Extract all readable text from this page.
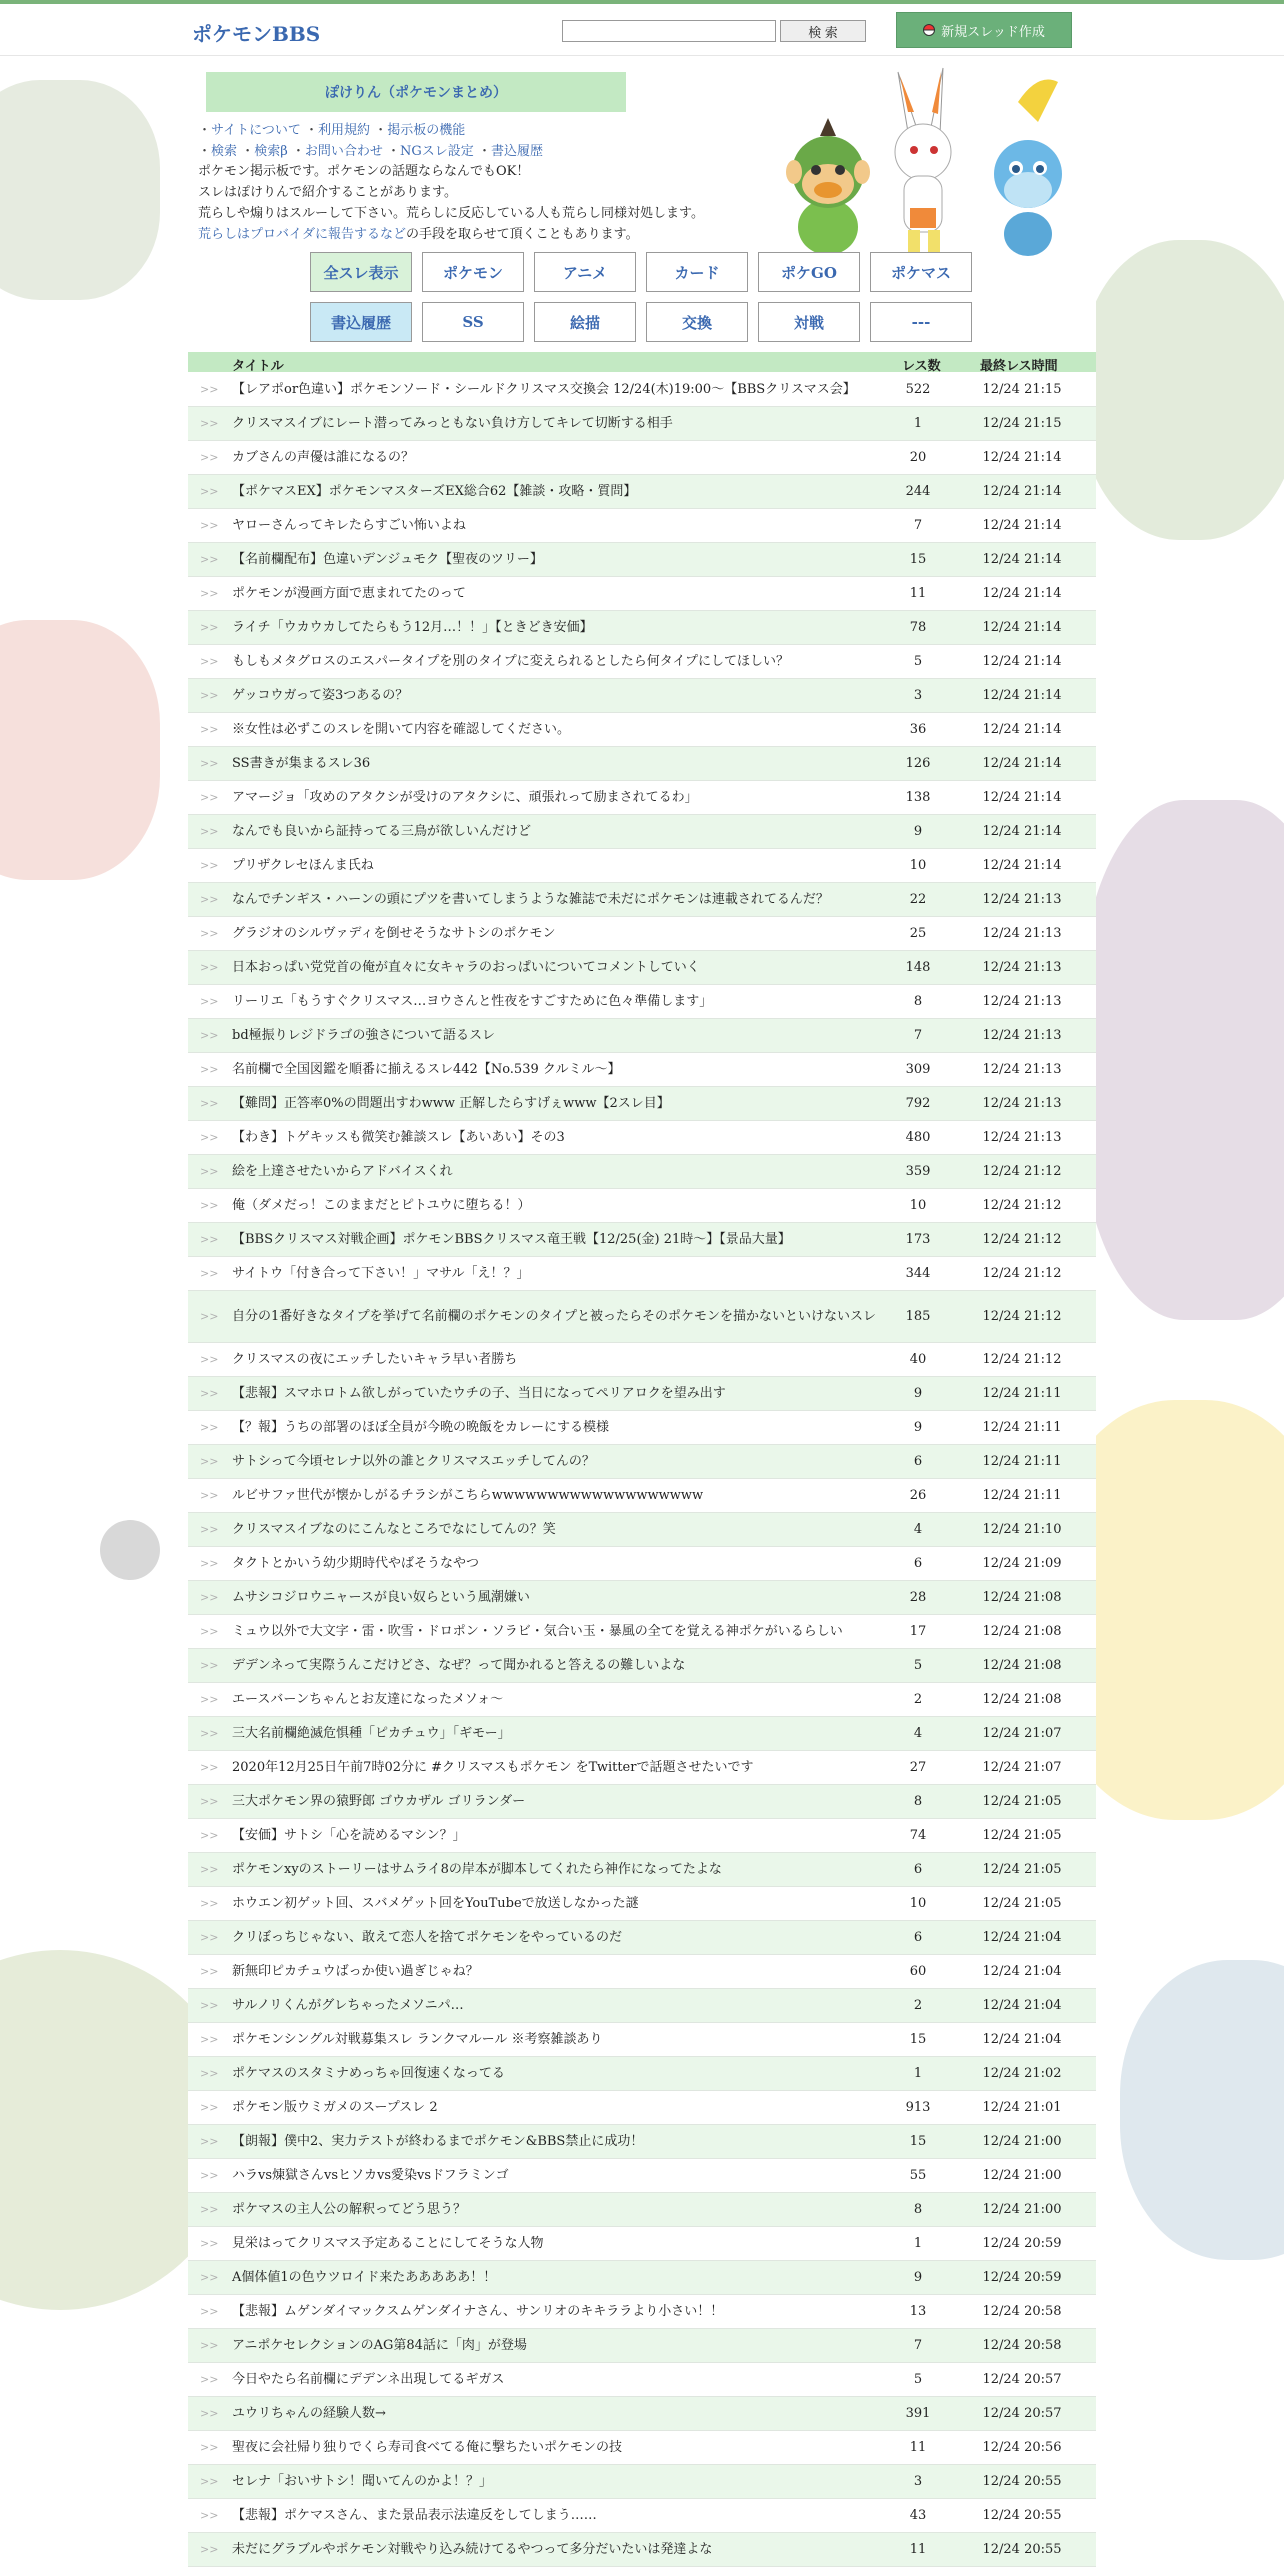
ポケモンBBS	検 索	新規スレッド作成
ぽけりん（ポケモンまとめ）
・サイトについて ・利用規約 ・掲示板の機能
・検索 ・検索β ・お問い合わせ ・NGスレ設定 ・書込履歴
ポケモン掲示板です。ポケモンの話題ならなんでもOK！
スレはぽけりんで紹介することがあります。
荒らしや煽りはスルーして下さい。荒らしに反応している人も荒らし同様対処します。
荒らしはプロバイダに報告するなどの手段を取らせて頂くこともあります。
全スレ表示	ポケモン	アニメ	カード	ポケGO	ポケマス
書込履歴	SS	絵描	交換	対戦	---
タイトル	レス数	最終レス時間
>> 【レアポor色違い】ポケモンソード・シールドクリスマス交換会 12/24(木)19:00～【BBSクリスマス会】	522	12/24 21:15
>> クリスマスイブにレート潜ってみっともない負け方してキレて切断する相手	1	12/24 21:15
>> カブさんの声優は誰になるの？	20	12/24 21:14
>> 【ポケマスEX】ポケモンマスターズEX総合62【雑談・攻略・質問】	244	12/24 21:14
>> ヤローさんってキレたらすごい怖いよね	7	12/24 21:14
>> 【名前欄配布】色違いデンジュモク【聖夜のツリー】	15	12/24 21:14
>> ポケモンが漫画方面で恵まれてたのって	11	12/24 21:14
>> ライチ「ウカウカしてたらもう12月…！！」【ときどき安価】	78	12/24 21:14
>> もしもメタグロスのエスパータイプを別のタイプに変えられるとしたら何タイプにしてほしい？	5	12/24 21:14
>> ゲッコウガって姿3つあるの？	3	12/24 21:14
>> ※女性は必ずこのスレを開いて内容を確認してください。	36	12/24 21:14
>> SS書きが集まるスレ36	126	12/24 21:14
>> アマージョ「攻めのアタクシが受けのアタクシに、頑張れって励まされてるわ」	138	12/24 21:14
>> なんでも良いから証持ってる三鳥が欲しいんだけど	9	12/24 21:14
>> プリザクレセほんま氏ね	10	12/24 21:14
>> なんでチンギス・ハーンの頭にプツを書いてしまうような雑誌で未だにポケモンは連載されてるんだ？	22	12/24 21:13
>> グラジオのシルヴァディを倒せそうなサトシのポケモン	25	12/24 21:13
>> 日本おっぱい党党首の俺が直々に女キャラのおっぱいについてコメントしていく	148	12/24 21:13
>> リーリエ「もうすぐクリスマス…ヨウさんと性夜をすごすために色々準備します」	8	12/24 21:13
>> bd極振りレジドラゴの強さについて語るスレ	7	12/24 21:13
>> 名前欄で全国図鑑を順番に揃えるスレ442【No.539 クルミル～】	309	12/24 21:13
>> 【難問】正答率0%の問題出すわwww 正解したらすげぇwww【2スレ目】	792	12/24 21:13
>> 【わき】トゲキッスも微笑む雑談スレ【あいあい】その3	480	12/24 21:13
>> 絵を上達させたいからアドバイスくれ	359	12/24 21:12
>> 俺（ダメだっ！このままだとピトユウに堕ちる！）	10	12/24 21:12
>> 【BBSクリスマス対戦企画】ポケモンBBSクリスマス竜王戦【12/25(金) 21時～】【景品大量】	173	12/24 21:12
>> サイトウ「付き合って下さい！」マサル「え！？」	344	12/24 21:12
>> 自分の1番好きなタイプを挙げて名前欄のポケモンのタイプと被ったらそのポケモンを描かないといけないスレ	185	12/24 21:12
>> クリスマスの夜にエッチしたいキャラ早い者勝ち	40	12/24 21:12
>> 【悲報】スマホロトム欲しがっていたウチの子、当日になってペリアロクを望み出す	9	12/24 21:11
>> 【？報】うちの部署のほぼ全員が今晩の晩飯をカレーにする模様	9	12/24 21:11
>> サトシって今頃セレナ以外の誰とクリスマスエッチしてんの？	6	12/24 21:11
>> ルビサファ世代が懐かしがるチラシがこちらwwwwwwwwwwwwwwwwwww	26	12/24 21:11
>> クリスマスイブなのにこんなところでなにしてんの？笑	4	12/24 21:10
>> タクトとかいう幼少期時代やばそうなやつ	6	12/24 21:09
>> ムサシコジロウニャースが良い奴らという風潮嫌い	28	12/24 21:08
>> ミュウ以外で大文字・雷・吹雪・ドロポン・ソラビ・気合い玉・暴風の全てを覚える神ポケがいるらしい	17	12/24 21:08
>> デデンネって実際うんこだけどさ、なぜ？って聞かれると答えるの難しいよな	5	12/24 21:08
>> エースバーンちゃんとお友達になったメソォ～	2	12/24 21:08
>> 三大名前欄絶滅危惧種「ピカチュウ」「ギモー」	4	12/24 21:07
>> 2020年12月25日午前7時02分に #クリスマスもポケモン をTwitterで話題させたいです	27	12/24 21:07
>> 三大ポケモン界の猿野郎 ゴウカザル ゴリランダー	8	12/24 21:05
>> 【安価】サトシ「心を読めるマシン？」	74	12/24 21:05
>> ポケモンxyのストーリーはサムライ8の岸本が脚本してくれたら神作になってたよな	6	12/24 21:05
>> ホウエン初ゲット回、スバメゲット回をYouTubeで放送しなかった謎	10	12/24 21:05
>> クリぼっちじゃない、敢えて恋人を捨てポケモンをやっているのだ	6	12/24 21:04
>> 新無印ピカチュウばっか使い過ぎじゃね？	60	12/24 21:04
>> サルノリくんがグレちゃったメソニパ…	2	12/24 21:04
>> ポケモンシングル対戦募集スレ ランクマルール ※考察雑談あり	15	12/24 21:04
>> ポケマスのスタミナめっちゃ回復速くなってる	1	12/24 21:02
>> ポケモン版ウミガメのスープスレ 2	913	12/24 21:01
>> 【朗報】僕中2、実力テストが終わるまでポケモン&BBS禁止に成功！	15	12/24 21:00
>> ハラvs煉獄さんvsヒソカvs愛染vsドフラミンゴ	55	12/24 21:00
>> ポケマスの主人公の解釈ってどう思う？	8	12/24 21:00
>> 見栄はってクリスマス予定あることにしてそうな人物	1	12/24 20:59
>> A個体値1の色ウツロイド来たあああああ！！	9	12/24 20:59
>> 【悲報】ムゲンダイマックスムゲンダイナさん、サンリオのキキララより小さい！！	13	12/24 20:58
>> アニポケセレクションのAG第84話に「肉」が登場	7	12/24 20:58
>> 今日やたら名前欄にデデンネ出現してるギガス	5	12/24 20:57
>> ユウリちゃんの経験人数→	391	12/24 20:57
>> 聖夜に会社帰り独りでくら寿司食べてる俺に撃ちたいポケモンの技	11	12/24 20:56
>> セレナ「おいサトシ！聞いてんのかよ！？」	3	12/24 20:55
>> 【悲報】ポケマスさん、また景品表示法違反をしてしまう……	43	12/24 20:55
>> 未だにグラブルやポケモン対戦やり込み続けてるやつって多分だいたいは発達よな	11	12/24 20:55
